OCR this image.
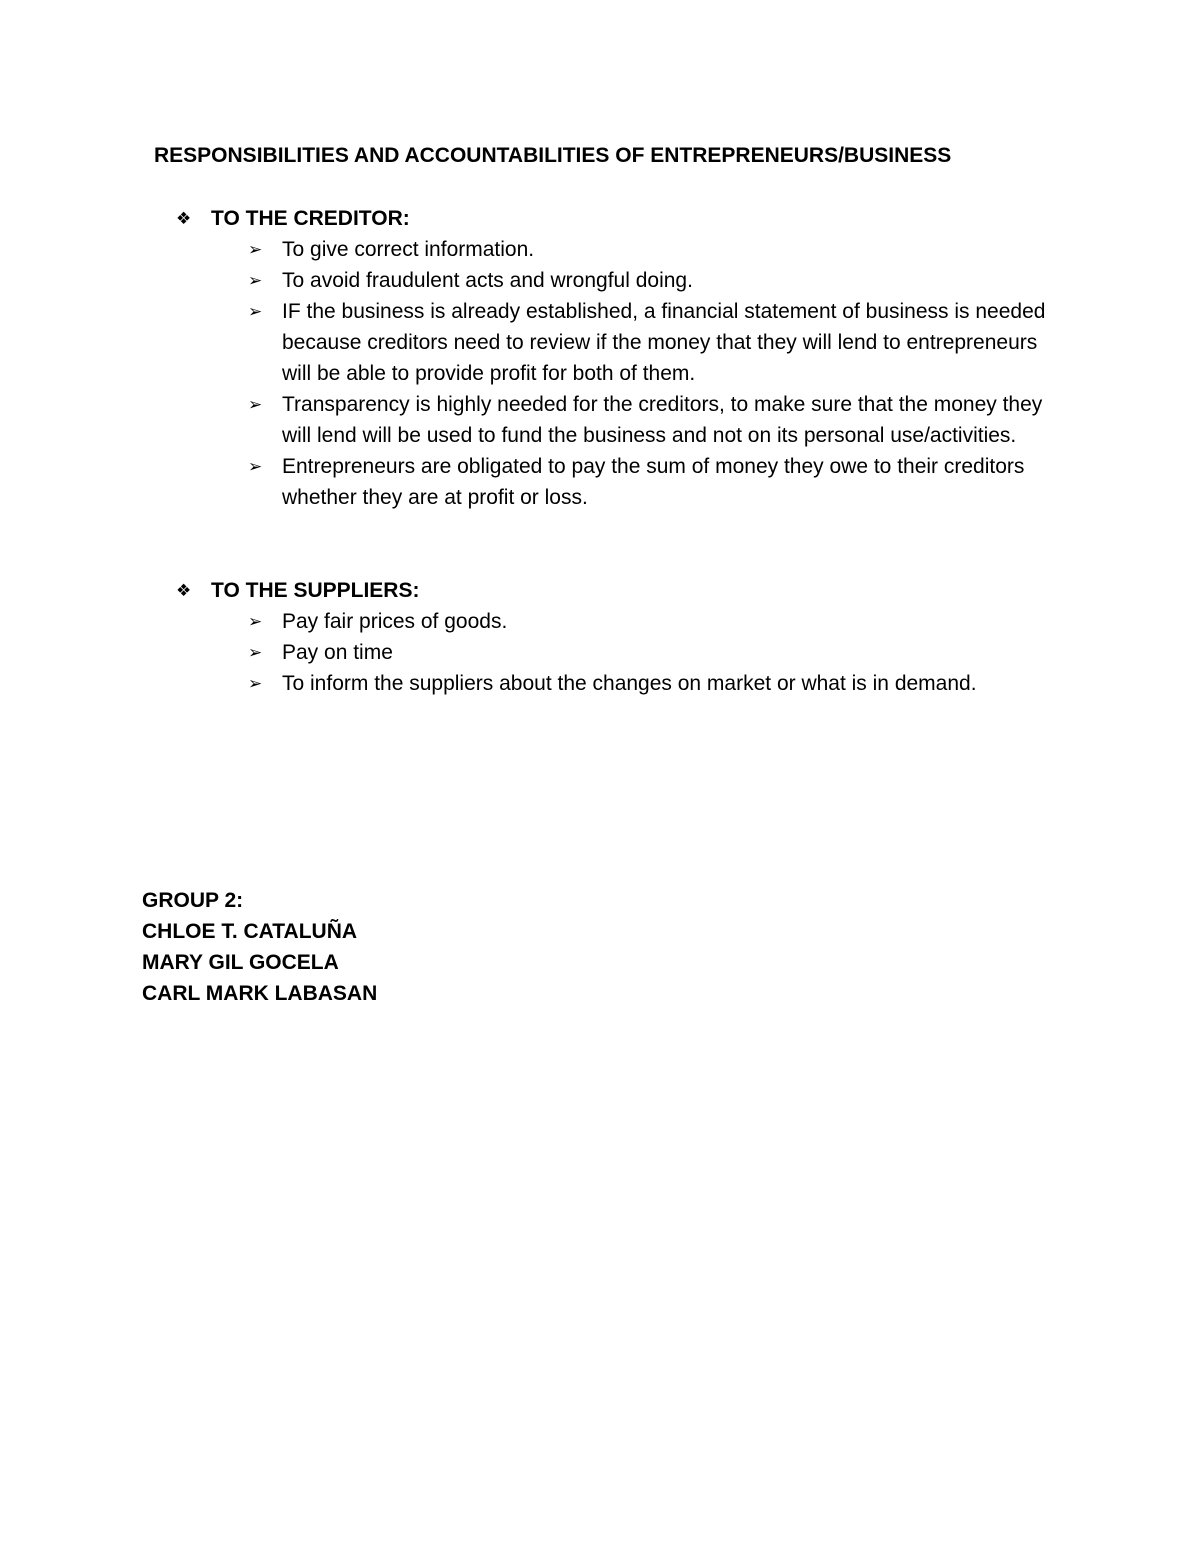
RESPONSIBILITIES AND ACCOUNTABILITIES OF ENTREPRENEURS/BUSINESS
❖ TO THE CREDITOR:
➢ To give correct information.
➢ To avoid fraudulent acts and wrongful doing.
➢ IF the business is already established, a financial statement of business is needed because creditors need to review if the money that they will lend to entrepreneurs will be able to provide profit for both of them.
➢ Transparency is highly needed for the creditors, to make sure that the money they will lend will be used to fund the business and not on its personal use/activities.
➢ Entrepreneurs are obligated to pay the sum of money they owe to their creditors whether they are at profit or loss.
❖ TO THE SUPPLIERS:
➢ Pay fair prices of goods.
➢ Pay on time
➢ To inform the suppliers about the changes on market or what is in demand.
GROUP 2:
CHLOE T. CATALUÑA
MARY GIL GOCELA
CARL MARK LABASAN
